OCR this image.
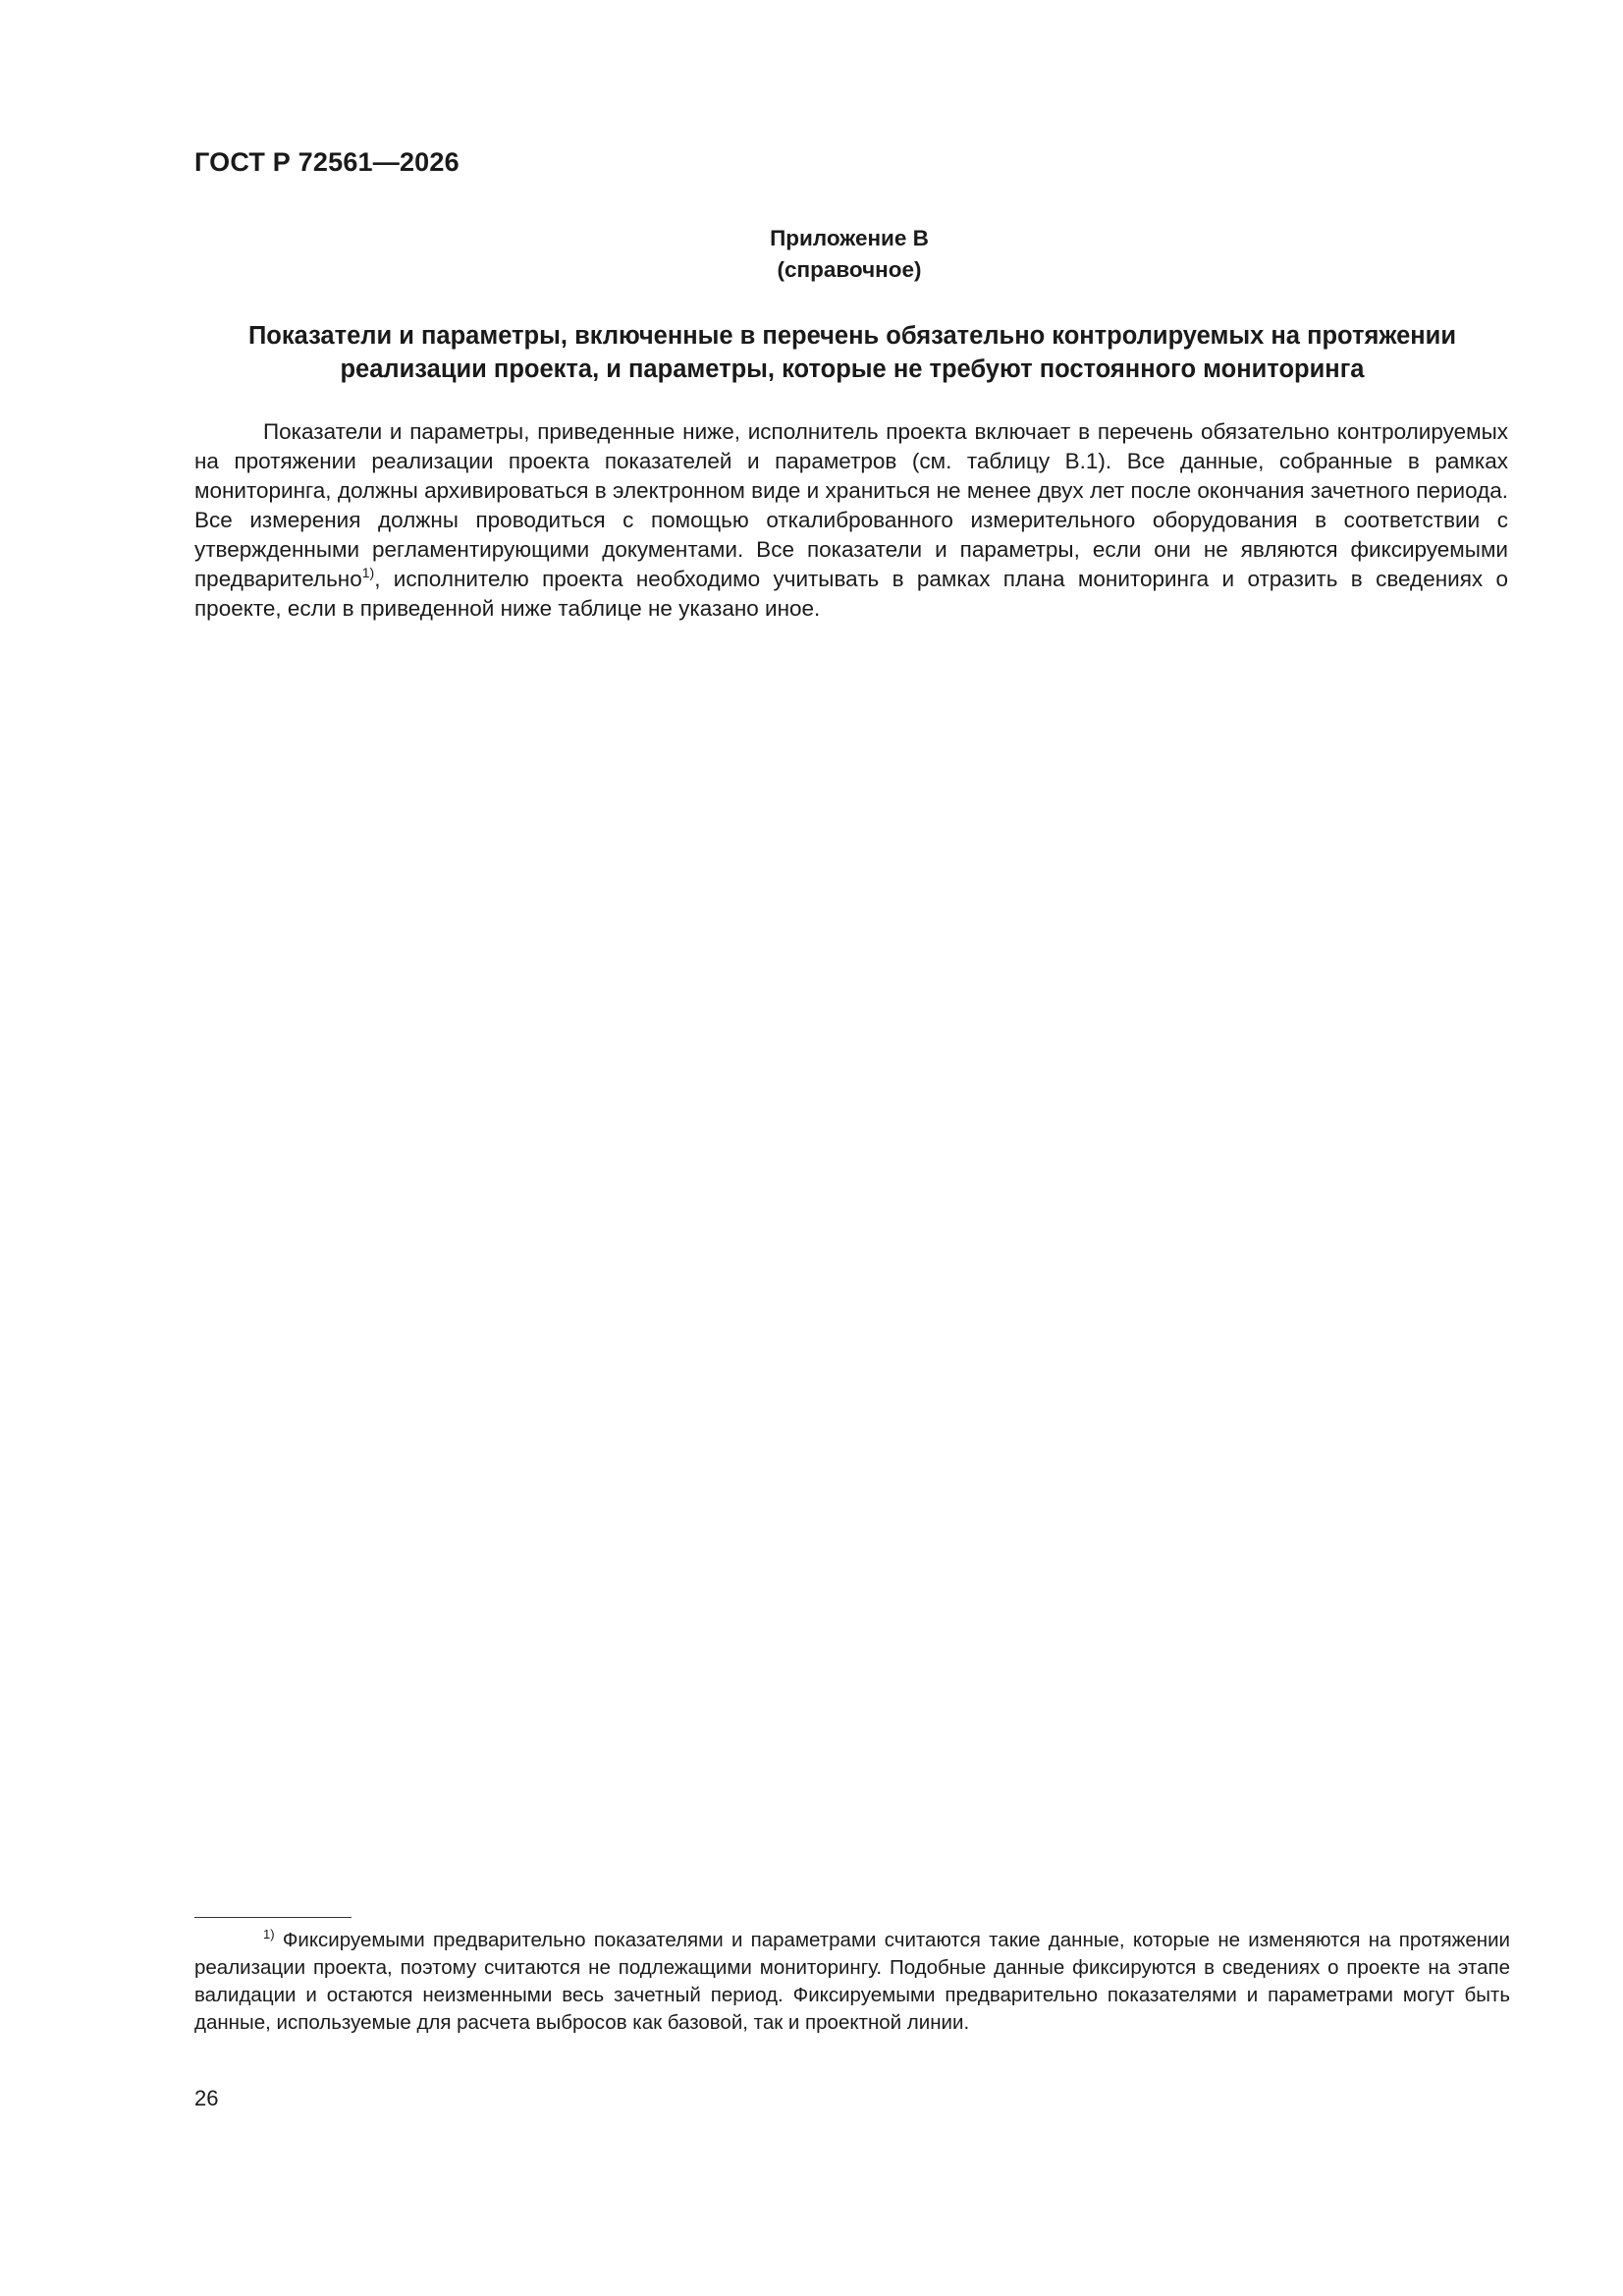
ГОСТ Р 72561—2026
Приложение В
(справочное)
Показатели и параметры, включенные в перечень обязательно контролируемых на протяжении
реализации проекта, и параметры, которые не требуют постоянного мониторинга

Показатели и параметры, приведенные ниже, исполнитель проекта включает в перечень обязательно контролируемых на протяжении реализации проекта показателей и параметров (см. таблицу В.1). Все данные, собранные в рамках мониторинга, должны архивироваться в электронном виде и храниться не менее двух лет после окончания зачетного периода. Все измерения должны проводиться с помощью откалиброванного измерительного оборудования в соответствии с утвержденными регламентирующими документами. Все показатели и параметры, если они не являются фиксируемыми предварительно$^{1)}$, исполнителю проекта необходимо учитывать в рамках плана мониторинга и отразить в сведениях о проекте, если в приведенной ниже таблице не указано иное.

$^{1)}$ Фиксируемыми предварительно показателями и параметрами считаются такие данные, которые не изменяются на протяжении реализации проекта, поэтому считаются не подлежащими мониторингу. Подобные данные фиксируются в сведениях о проекте на этапе валидации и остаются неизменными весь зачетный период. Фиксируемыми предварительно показателями и параметрами могут быть данные, используемые для расчета выбросов как базовой, так и проектной линии.

26
